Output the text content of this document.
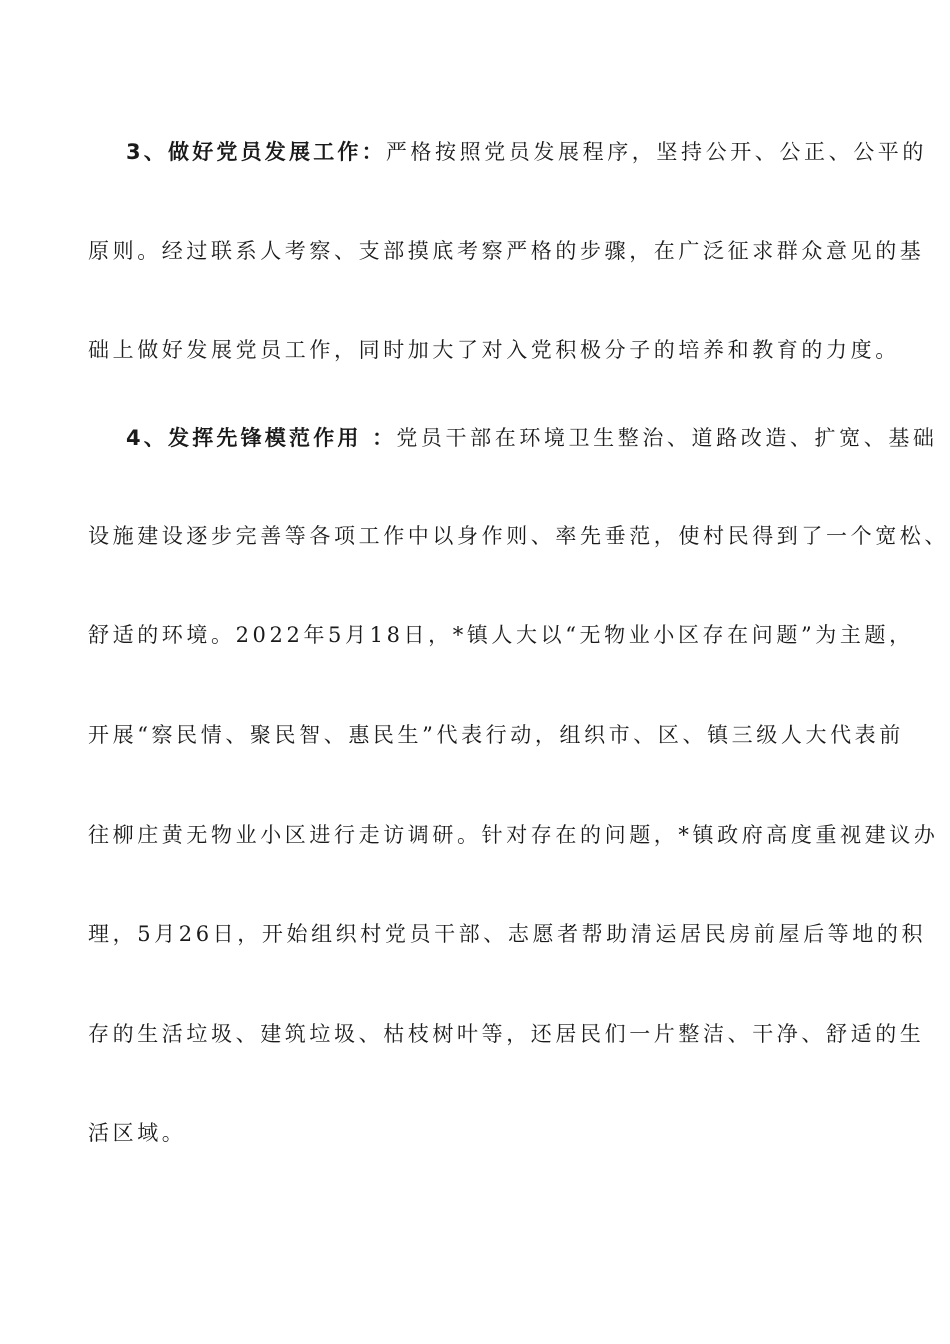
3、做好党员发展工作：严格按照党员发展程序，坚持公开、公正、公平的
原则。经过联系人考察、支部摸底考察严格的步骤，在广泛征求群众意见的基
础上做好发展党员工作，同时加大了对入党积极分子的培养和教育的力度。
4、发挥先锋模范作用 ：党员干部在环境卫生整治、道路改造、扩宽、基础
设施建设逐步完善等各项工作中以身作则、率先垂范，使村民得到了一个宽松、
舒适的环境。2022年5月18日，*镇人大以“无物业小区存在问题”为主题，
开展“察民情、聚民智、惠民生”代表行动，组织市、区、镇三级人大代表前
往柳庄黄无物业小区进行走访调研。针对存在的问题，*镇政府高度重视建议办
理，5月26日，开始组织村党员干部、志愿者帮助清运居民房前屋后等地的积
存的生活垃圾、建筑垃圾、枯枝树叶等，还居民们一片整洁、干净、舒适的生
活区域。
